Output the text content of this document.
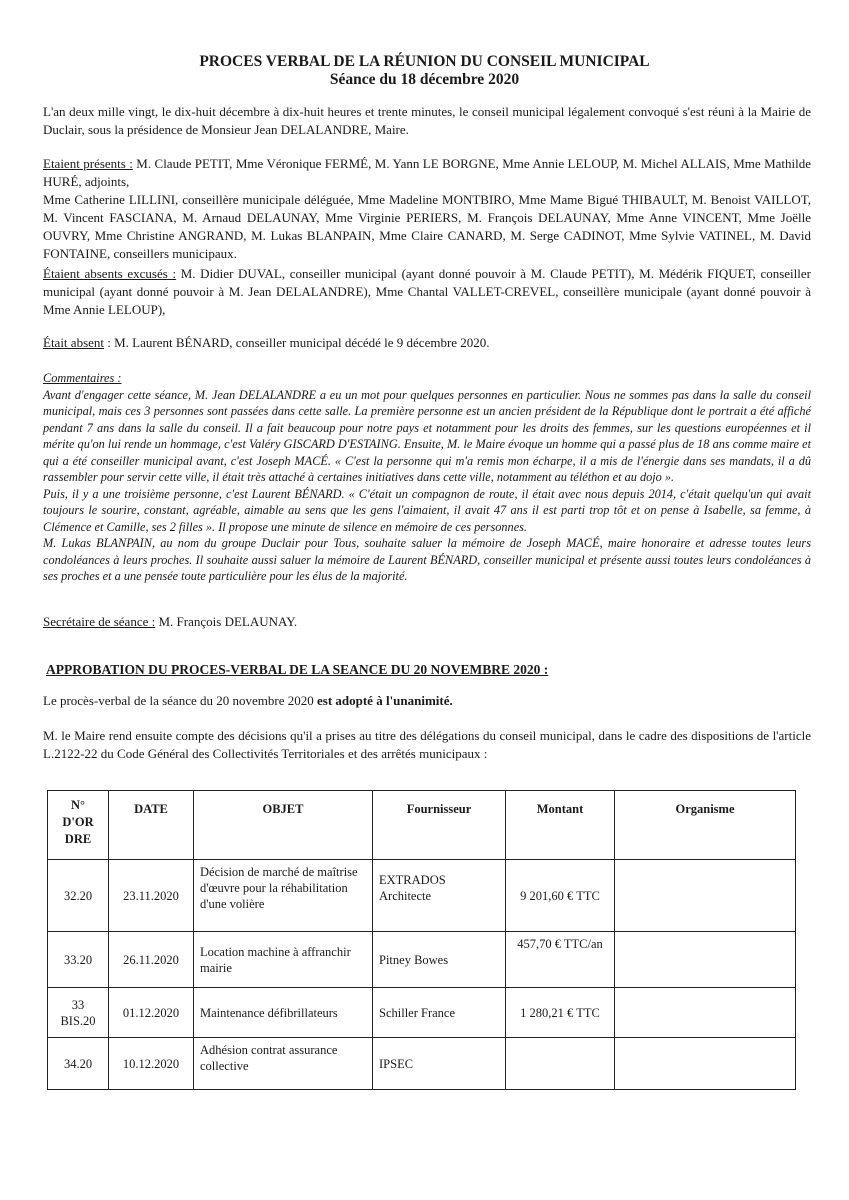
PROCES VERBAL DE LA RÉUNION DU CONSEIL MUNICIPAL
Séance du 18 décembre 2020
L'an deux mille vingt, le dix-huit décembre à dix-huit heures et trente minutes, le conseil municipal légalement convoqué s'est réuni à la Mairie de Duclair, sous la présidence de Monsieur Jean DELALANDRE, Maire.
Etaient présents : M. Claude PETIT, Mme Véronique FERMÉ, M. Yann LE BORGNE, Mme Annie LELOUP, M. Michel ALLAIS, Mme Mathilde HURÉ, adjoints,
Mme Catherine LILLINI, conseillère municipale déléguée, Mme Madeline MONTBIRO, Mme Mame Bigué THIBAULT, M. Benoist VAILLOT, M. Vincent FASCIANA, M. Arnaud DELAUNAY, Mme Virginie PERIERS, M. François DELAUNAY, Mme Anne VINCENT, Mme Joëlle OUVRY, Mme Christine ANGRAND, M. Lukas BLANPAIN, Mme Claire CANARD, M. Serge CADINOT, Mme Sylvie VATINEL, M. David FONTAINE, conseillers municipaux.
Étaient absents excusés : M. Didier DUVAL, conseiller municipal (ayant donné pouvoir à M. Claude PETIT), M. Médérik FIQUET, conseiller municipal (ayant donné pouvoir à M. Jean DELALANDRE), Mme Chantal VALLET-CREVEL, conseillère municipale (ayant donné pouvoir à Mme Annie LELOUP),
Était absent : M. Laurent BÉNARD, conseiller municipal décédé le 9 décembre 2020.
Commentaires :
Avant d'engager cette séance, M. Jean DELALANDRE a eu un mot pour quelques personnes en particulier. Nous ne sommes pas dans la salle du conseil municipal, mais ces 3 personnes sont passées dans cette salle. La première personne est un ancien président de la République dont le portrait a été affiché pendant 7 ans dans la salle du conseil. Il a fait beaucoup pour notre pays et notamment pour les droits des femmes, sur les questions européennes et il mérite qu'on lui rende un hommage, c'est Valéry GISCARD D'ESTAING. Ensuite, M. le Maire évoque un homme qui a passé plus de 18 ans comme maire et qui a été conseiller municipal avant, c'est Joseph MACÉ. « C'est la personne qui m'a remis mon écharpe, il a mis de l'énergie dans ses mandats, il a dû rassembler pour servir cette ville, il était très attaché à certaines initiatives dans cette ville, notamment au téléthon et au dojo ».
Puis, il y a une troisième personne, c'est Laurent BÉNARD. « C'était un compagnon de route, il était avec nous depuis 2014, c'était quelqu'un qui avait toujours le sourire, constant, agréable, aimable au sens que les gens l'aimaient, il avait 47 ans il est parti trop tôt et on pense à Isabelle, sa femme, à Clémence et Camille, ses 2 filles ». Il propose une minute de silence en mémoire de ces personnes.
M. Lukas BLANPAIN, au nom du groupe Duclair pour Tous, souhaite saluer la mémoire de Joseph MACÉ, maire honoraire et adresse toutes leurs condoléances à leurs proches. Il souhaite aussi saluer la mémoire de Laurent BÉNARD, conseiller municipal et présente aussi toutes leurs condoléances à ses proches et a une pensée toute particulière pour les élus de la majorité.
Secrétaire de séance : M. François DELAUNAY.
APPROBATION DU PROCES-VERBAL DE LA SEANCE DU 20 NOVEMBRE 2020 :
Le procès-verbal de la séance du 20 novembre 2020 est adopté à l'unanimité.
M. le Maire rend ensuite compte des décisions qu'il a prises au titre des délégations du conseil municipal, dans le cadre des dispositions de l'article L.2122-22 du Code Général des Collectivités Territoriales et des arrêtés municipaux :
N° D'OR DRE	DATE	OBJET	Fournisseur	Montant	Organisme
32.20	23.11.2020	Décision de marché de maîtrise d'œuvre pour la réhabilitation d'une volière	EXTRADOS Architecte	9 201,60 € TTC	
33.20	26.11.2020	Location machine à affranchir mairie	Pitney Bowes	457,70 € TTC/an	
33 BIS.20	01.12.2020	Maintenance défibrillateurs	Schiller France	1 280,21 € TTC	
34.20	10.12.2020	Adhésion contrat assurance collective	IPSEC		
